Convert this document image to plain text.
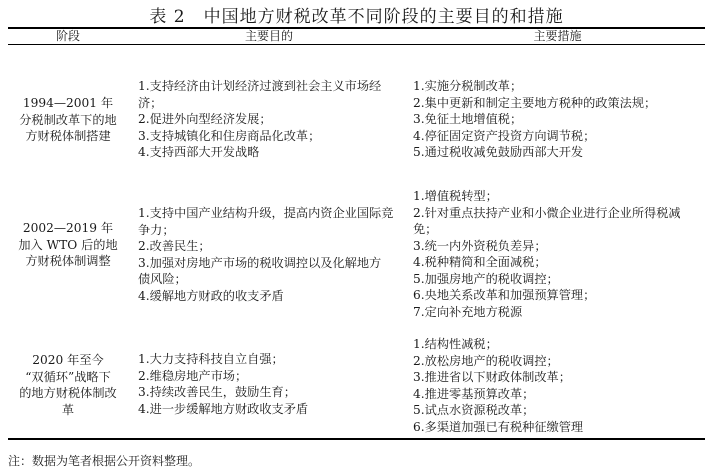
表 2　中国地方财税改革不同阶段的主要目的和措施
阶段	主要目的	主要措施
1994—2001 年
分税制改革下的地
方财税体制搭建
1.支持经济由计划经济过渡到社会主义市场经
济；
2.促进外向型经济发展；
3.支持城镇化和住房商品化改革；
4.支持西部大开发战略
1.实施分税制改革；
2.集中更新和制定主要地方税种的政策法规；
3.免征土地增值税；
4.停征固定资产投资方向调节税；
5.通过税收减免鼓励西部大开发
2002—2019 年
加入 WTO 后的地
方财税体制调整
1.支持中国产业结构升级，提高内资企业国际竞
争力；
2.改善民生；
3.加强对房地产市场的税收调控以及化解地方
债风险；
4.缓解地方财政的收支矛盾
1.增值税转型；
2.针对重点扶持产业和小微企业进行企业所得税减
免；
3.统一内外资税负差异；
4.税种精简和全面减税；
5.加强房地产的税收调控；
6.央地关系改革和加强预算管理；
7.定向补充地方税源
2020 年至今
“双循环”战略下
的地方财税体制改
革
1.大力支持科技自立自强；
2.维稳房地产市场；
3.持续改善民生，鼓励生育；
4.进一步缓解地方财政收支矛盾
1.结构性减税；
2.放松房地产的税收调控；
3.推进省以下财政体制改革；
4.推进零基预算改革；
5.试点水资源税改革；
6.多渠道加强已有税种征缴管理
注：数据为笔者根据公开资料整理。
